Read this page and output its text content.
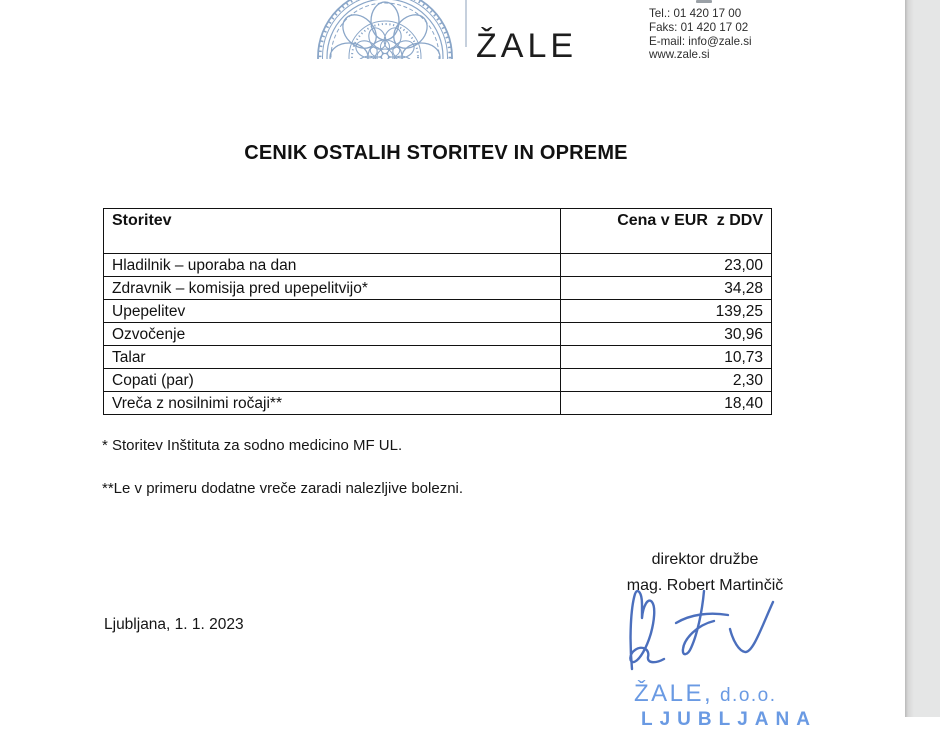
ŽALE
Tel.: 01 420 17 00
Faks: 01 420 17 02
E-mail: info@zale.si
www.zale.si
CENIK OSTALIH STORITEV IN OPREME
Storitev	Cena v EUR  z DDV
Hladilnik – uporaba na dan	23,00
Zdravnik – komisija pred upepelitvijo*	34,28
Upepelitev	139,25
Ozvočenje	30,96
Talar	10,73
Copati (par)	2,30
Vreča z nosilnimi ročaji**	18,40
* Storitev Inštituta za sodno medicino MF UL.
**Le v primeru dodatne vreče zaradi nalezljive bolezni.
direktor družbe
mag. Robert Martinčič
Ljubljana, 1. 1. 2023
ŽALE, d.o.o.
LJUBLJANA
